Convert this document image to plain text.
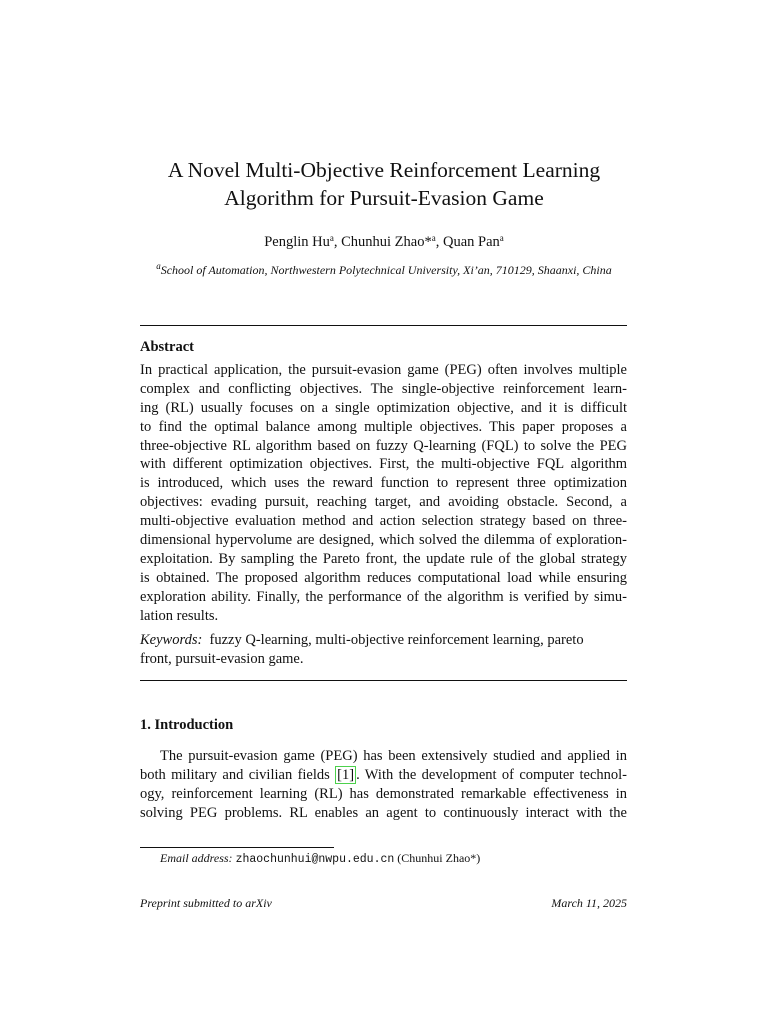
A Novel Multi-Objective Reinforcement Learning
Algorithm for Pursuit-Evasion Game
Penglin Hu$^a$, Chunhui Zhao*$^a$, Quan Pan$^a$
$^a$School of Automation, Northwestern Polytechnical University, Xi’an, 710129, Shaanxi, China
Abstract
In practical application, the pursuit-evasion game (PEG) often involves multiple
complex and conflicting objectives. The single-objective reinforcement learn-
ing (RL) usually focuses on a single optimization objective, and it is difficult
to find the optimal balance among multiple objectives. This paper proposes a
three-objective RL algorithm based on fuzzy Q-learning (FQL) to solve the PEG
with different optimization objectives. First, the multi-objective FQL algorithm
is introduced, which uses the reward function to represent three optimization
objectives: evading pursuit, reaching target, and avoiding obstacle. Second, a
multi-objective evaluation method and action selection strategy based on three-
dimensional hypervolume are designed, which solved the dilemma of exploration-
exploitation. By sampling the Pareto front, the update rule of the global strategy
is obtained. The proposed algorithm reduces computational load while ensuring
exploration ability. Finally, the performance of the algorithm is verified by simu-
lation results.
Keywords: fuzzy Q-learning, multi-objective reinforcement learning, pareto
front, pursuit-evasion game.
1. Introduction
The pursuit-evasion game (PEG) has been extensively studied and applied in
both military and civilian fields [1] . With the development of computer technol-
ogy, reinforcement learning (RL) has demonstrated remarkable effectiveness in
solving PEG problems. RL enables an agent to continuously interact with the
Email address: zhaochunhui@nwpu.edu.cn (Chunhui Zhao*)
Preprint submitted to arXiv	March 11, 2025
